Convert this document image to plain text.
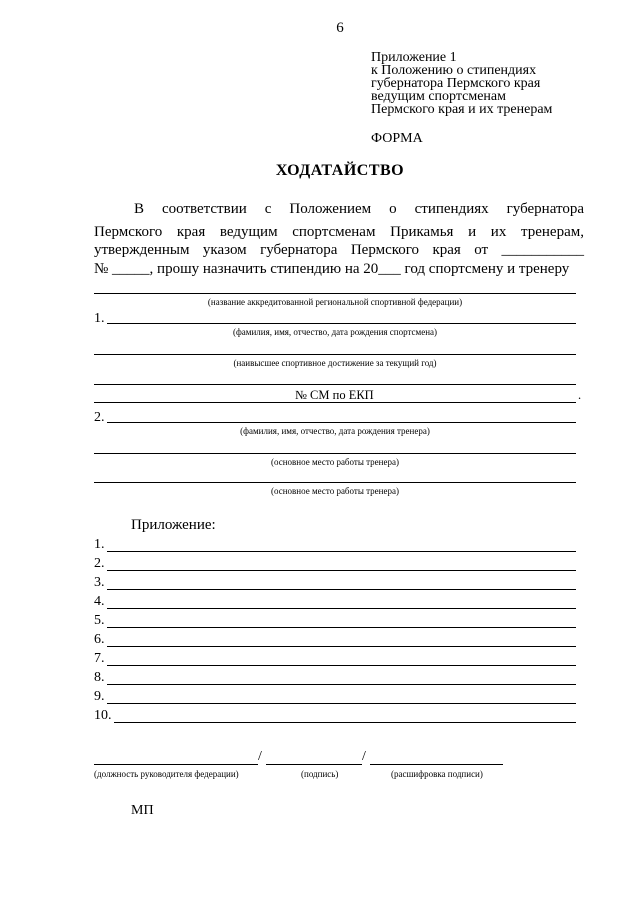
6
Приложение 1
к Положению о стипендиях
губернатора Пермского края
ведущим спортсменам
Пермского края и их тренерам
ФОРМА
ХОДАТАЙСТВО
В соответствии с Положением о стипендиях губернатора
Пермского края ведущим спортсменам Прикамья и их тренерам,
утвержденным указом губернатора Пермского края от ___________
№ _____, прошу назначить стипендию на 20___ год спортсмену и тренеру
(название аккредитованной региональной спортивной федерации)
1.
(фамилия, имя, отчество, дата рождения спортсмена)
(наивысшее спортивное достижение за текущий год)
№ СМ по ЕКП	.
2.
(фамилия, имя, отчество, дата рождения тренера)
(основное место работы тренера)
(основное место работы тренера)
Приложение:
1.
2.
3.
4.
5.
6.
7.
8.
9.
10.
/	/
(должность руководителя федерации)	(подпись)	(расшифровка подписи)
МП
